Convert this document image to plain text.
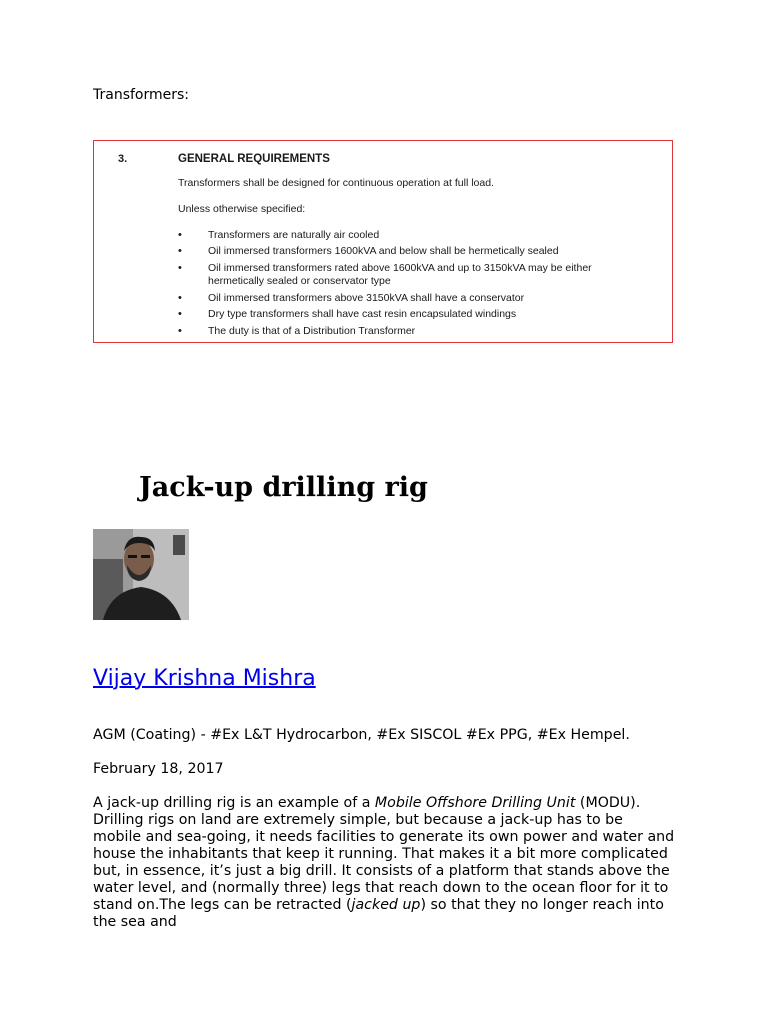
Transformers:
3.	GENERAL REQUIREMENTS
Transformers shall be designed for continuous operation at full load.
Unless otherwise specified:
• Transformers are naturally air cooled
• Oil immersed transformers 1600kVA and below shall be hermetically sealed
• Oil immersed transformers rated above 1600kVA and up to 3150kVA may be either hermetically sealed or conservator type
• Oil immersed transformers above 3150kVA shall have a conservator
• Dry type transformers shall have cast resin encapsulated windings
• The duty is that of a Distribution Transformer
Jack-up drilling rig
Vijay Krishna Mishra
AGM (Coating) - #Ex L&T Hydrocarbon, #Ex SISCOL #Ex PPG, #Ex Hempel.
February 18, 2017

A jack-up drilling rig is an example of a Mobile Offshore Drilling Unit (MODU). Drilling rigs on land are extremely simple, but because a jack-up has to be mobile and sea-going, it needs facilities to generate its own power and water and house the inhabitants that keep it running. That makes it a bit more complicated but, in essence, it’s just a big drill. It consists of a platform that stands above the water level, and (normally three) legs that reach down to the ocean floor for it to stand on.The legs can be retracted (jacked up) so that they no longer reach into the sea and
